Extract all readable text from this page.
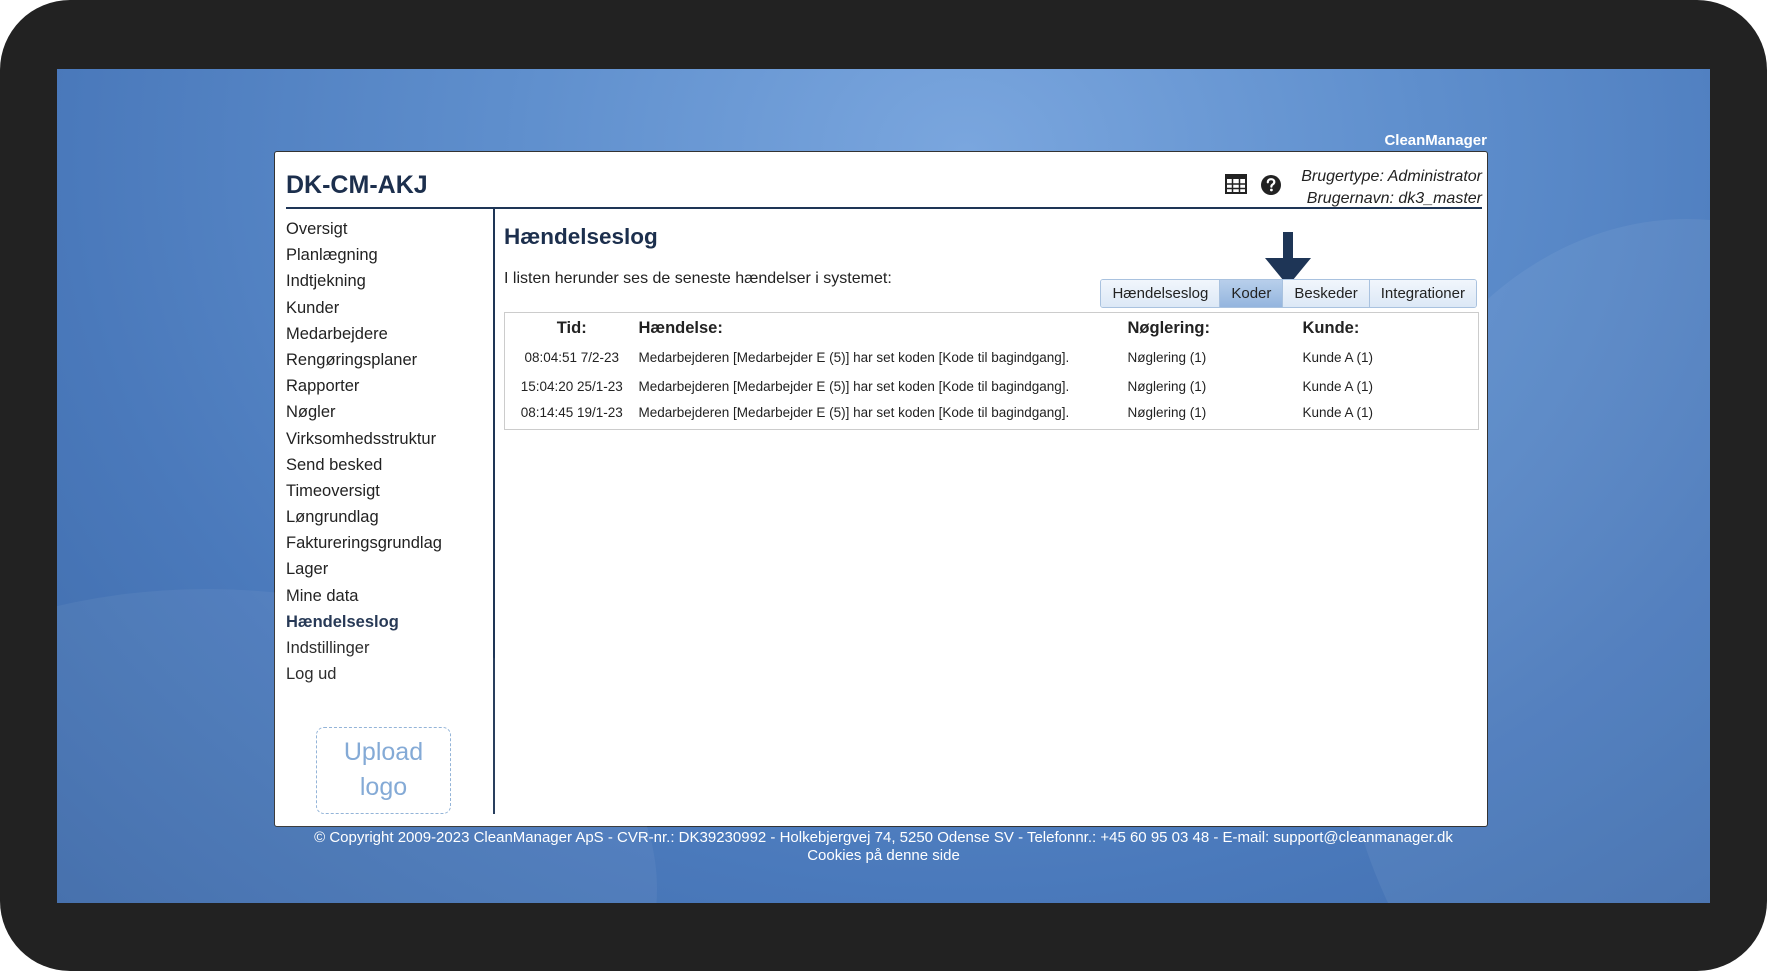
CleanManager
DK-CM-AKJ	Brugertype: Administrator
Brugernavn: dk3_master
Oversigt
Planlægning
Indtjekning
Kunder
Medarbejdere
Rengøringsplaner
Rapporter
Nøgler
Virksomhedsstruktur
Send besked
Timeoversigt
Løngrundlag
Faktureringsgrundlag
Lager
Mine data
Hændelseslog
Indstillinger
Log ud
Upload
logo
Hændelseslog
I listen herunder ses de seneste hændelser i systemet:
Hændelseslog	Koder	Beskeder	Integrationer
Tid:	Hændelse:	Nøglering:	Kunde:
08:04:51 7/2-23	Medarbejderen [Medarbejder E (5)] har set koden [Kode til bagindgang].	Nøglering (1)	Kunde A (1)
15:04:20 25/1-23	Medarbejderen [Medarbejder E (5)] har set koden [Kode til bagindgang].	Nøglering (1)	Kunde A (1)
08:14:45 19/1-23	Medarbejderen [Medarbejder E (5)] har set koden [Kode til bagindgang].	Nøglering (1)	Kunde A (1)
© Copyright 2009-2023 CleanManager ApS - CVR-nr.: DK39230992 - Holkebjergvej 74, 5250 Odense SV - Telefonnr.: +45 60 95 03 48 - E-mail: support@cleanmanager.dk
Cookies på denne side
